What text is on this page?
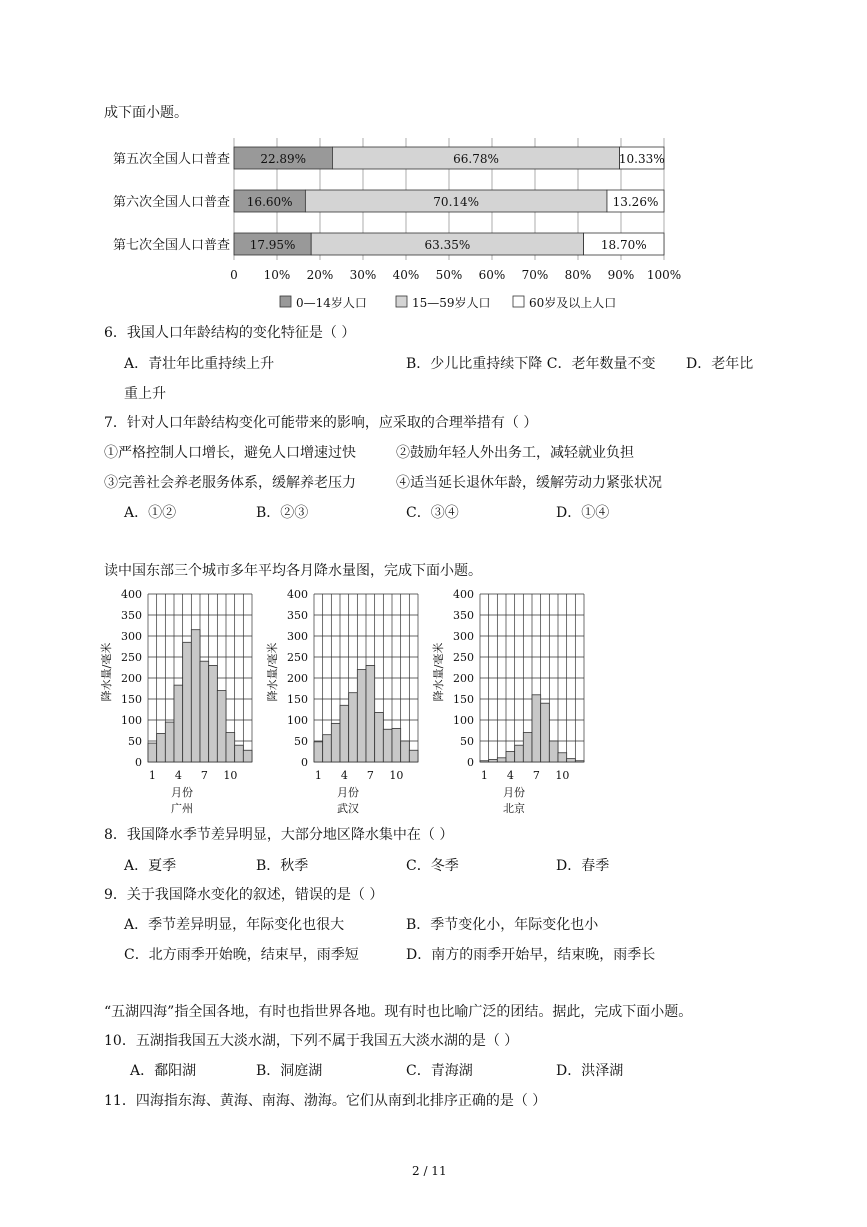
成下面小题。
22.89%	66.78%	10.33%
16.60%	70.14%	13.26%
17.95%	63.35%	18.70%
第五次全国人口普查
第六次全国人口普查
第七次全国人口普查
0 10% 20% 30% 40% 50% 60% 70% 80% 90% 100%
0—14岁人口	15—59岁人口	60岁及以上人口
6．我国人口年龄结构的变化特征是（ ）
A．青壮年比重持续上升	B．少儿比重持续下降 C．老年数量不变 D．老年比
重上升
7．针对人口年龄结构变化可能带来的影响，应采取的合理举措有（ ）
①严格控制人口增长，避免人口增速过快	②鼓励年轻人外出务工，减轻就业负担
③完善社会养老服务体系，缓解养老压力	④适当延长退休年龄，缓解劳动力紧张状况
A．①②	B．②③	C．③④	D．①④
读中国东部三个城市多年平均各月降水量图，完成下面小题。
0
50
100
150
200
250
300
350
400
1 4 7 10
月份
广州
降水量/毫米
0
50
100
150
200
250
300
350
400
1 4 7 10
月份
武汉
降水量/毫米
0
50
100
150
200
250
300
350
400
1 4 7 10
月份
北京
降水量/毫米
8．我国降水季节差异明显，大部分地区降水集中在（ ）
A．夏季	B．秋季	C．冬季	D．春季
9．关于我国降水变化的叙述，错误的是（ ）
A．季节差异明显，年际变化也很大	B．季节变化小，年际变化也小
C．北方雨季开始晚，结束早，雨季短	D．南方的雨季开始早，结束晚，雨季长
“五湖四海”指全国各地，有时也指世界各地。现有时也比喻广泛的团结。据此，完成下面小题。
10．五湖指我国五大淡水湖，下列不属于我国五大淡水湖的是（ ）
A．鄱阳湖	B．洞庭湖	C．青海湖	D．洪泽湖
11．四海指东海、黄海、南海、渤海。它们从南到北排序正确的是（ ）
2 / 11
